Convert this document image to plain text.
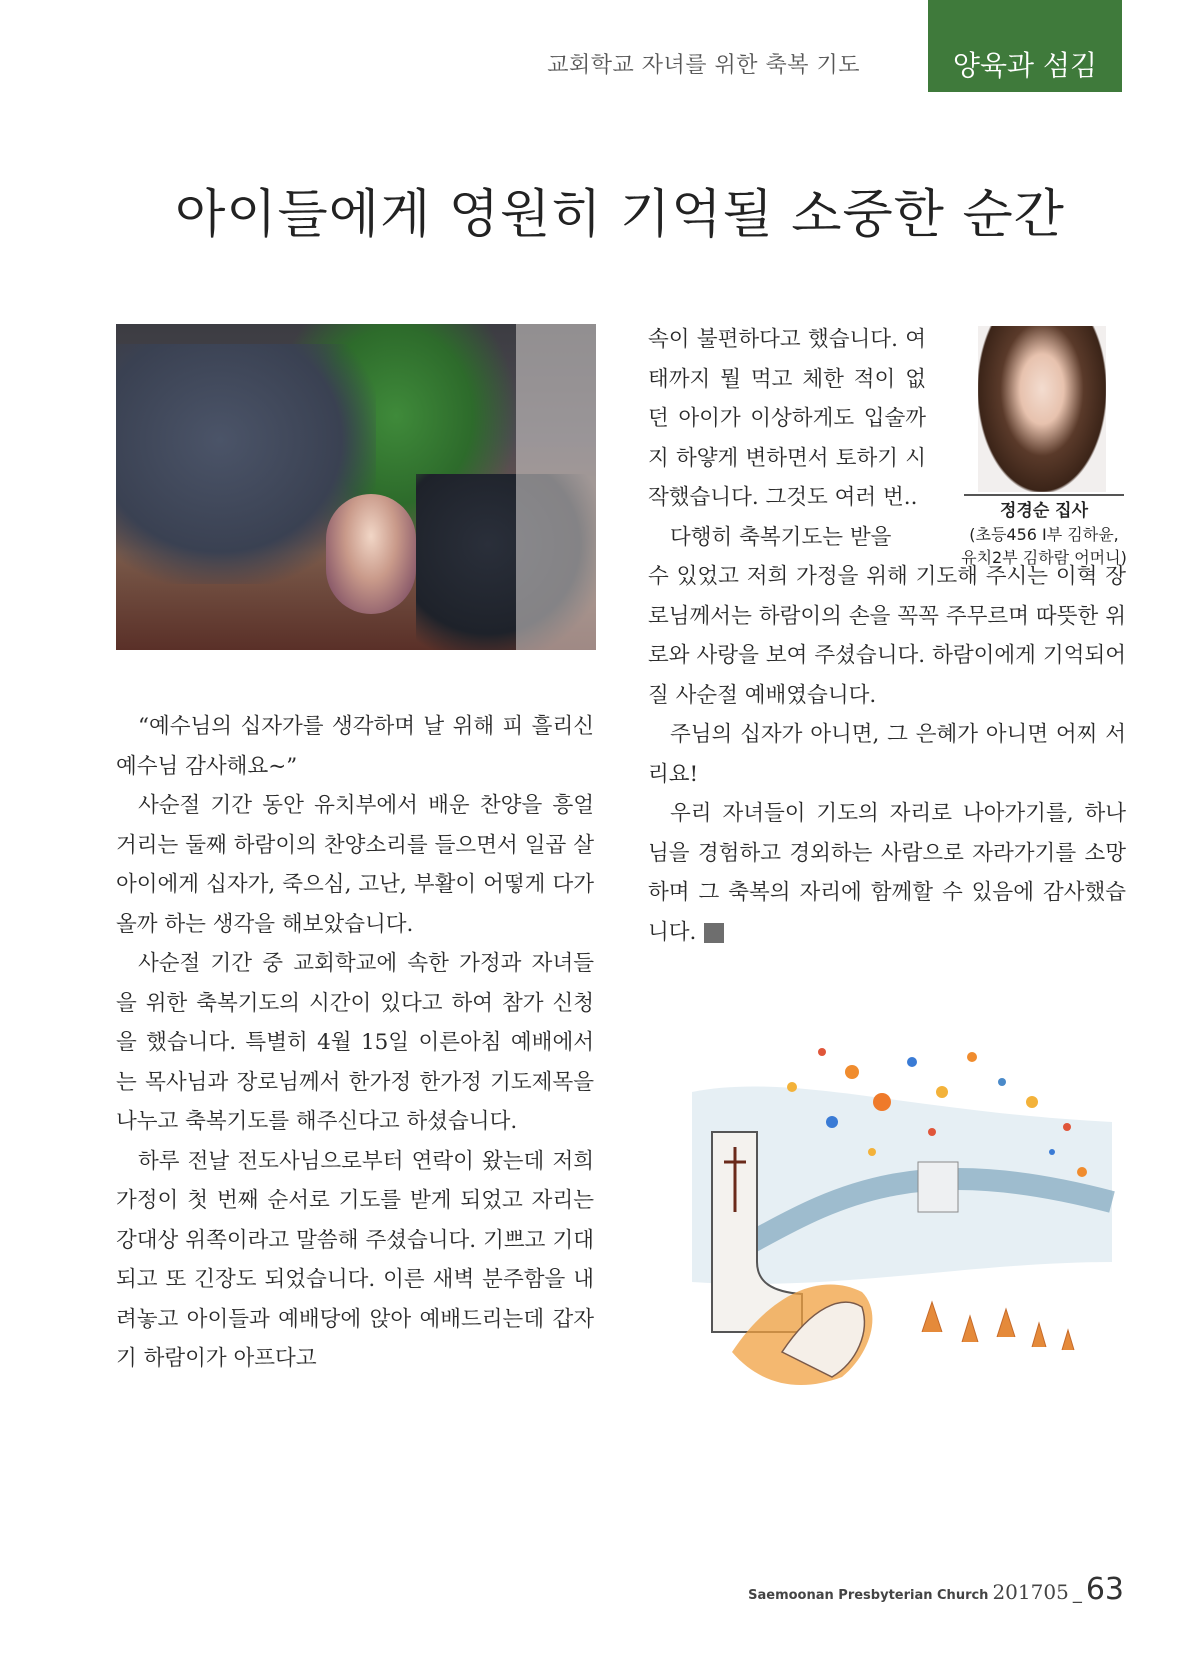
교회학교 자녀를 위한 축복 기도	양육과 섬김
아이들에게 영원히 기억될 소중한 순간

“예수님의 십자가를 생각하며 날 위해 피 흘리신 예수님 감사해요~”

사순절 기간 동안 유치부에서 배운 찬양을 흥얼거리는 둘째 하람이의 찬양소리를 들으면서 일곱 살 아이에게 십자가, 죽으심, 고난, 부활이 어떻게 다가올까 하는 생각을 해보았습니다.

사순절 기간 중 교회학교에 속한 가정과 자녀들을 위한 축복기도의 시간이 있다고 하여 참가 신청을 했습니다. 특별히 4월 15일 이른아침 예배에서는 목사님과 장로님께서 한가정 한가정 기도제목을 나누고 축복기도를 해주신다고 하셨습니다.

하루 전날 전도사님으로부터 연락이 왔는데 저희 가정이 첫 번째 순서로 기도를 받게 되었고 자리는 강대상 위쪽이라고 말씀해 주셨습니다. 기쁘고 기대되고 또 긴장도 되었습니다. 이른 새벽 분주함을 내려놓고 아이들과 예배당에 앉아 예배드리는데 갑자기 하람이가 아프다고

속이 불편하다고 했습니다. 여태까지 뭘 먹고 체한 적이 없던 아이가 이상하게도 입술까지 하얗게 변하면서 토하기 시작했습니다. 그것도 여러 번..

다행히 축복기도는 받을

수 있었고 저희 가정을 위해 기도해 주시는 이혁 장로님께서는 하람이의 손을 꼭꼭 주무르며 따뜻한 위로와 사랑을 보여 주셨습니다. 하람이에게 기억되어질 사순절 예배였습니다.

주님의 십자가 아니면, 그 은혜가 아니면 어찌 서리요!

우리 자녀들이 기도의 자리로 나아가기를, 하나님을 경험하고 경외하는 사람으로 자라가기를 소망하며 그 축복의 자리에 함께할 수 있음에 감사했습니다. 새

정경순 집사
(초등456 Ⅰ부 김하윤,
유치2부 김하람 어머니)
Saemoonan Presbyterian Church 201705 _ 63
